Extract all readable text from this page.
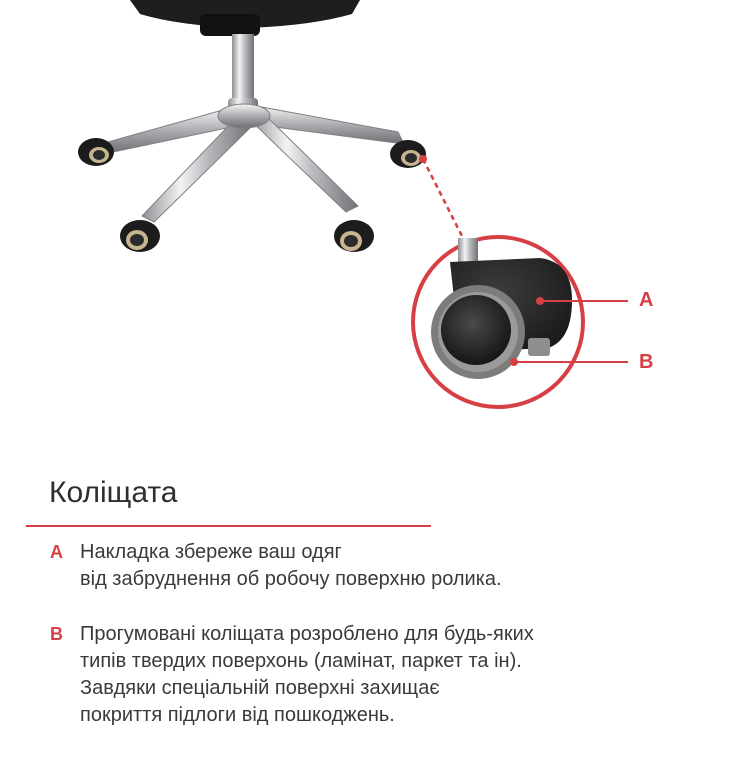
A
B
Коліщата
A Накладка збереже ваш одяг
від забруднення об робочу поверхню ролика.
B Прогумовані коліщата розроблено для будь-яких
типів твердих поверхонь (ламінат, паркет та ін).
Завдяки спеціальній поверхні захищає
покриття підлоги від пошкоджень.
